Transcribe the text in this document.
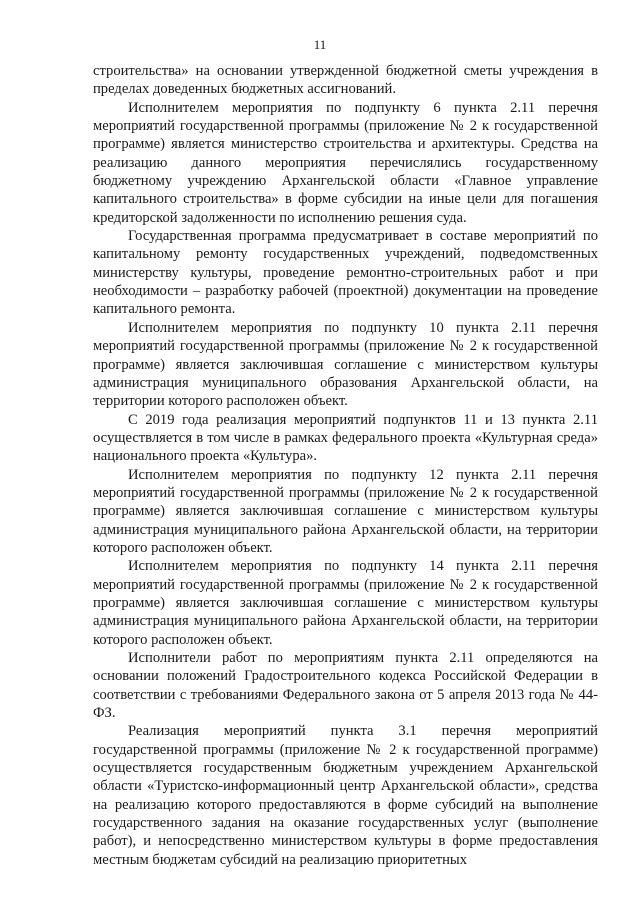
11

строительства» на основании утвержденной бюджетной сметы учреждения в пределах доведенных бюджетных ассигнований.

Исполнителем мероприятия по подпункту 6 пункта 2.11 перечня мероприятий государственной программы (приложение № 2 к государственной программе) является министерство строительства и архитектуры. Средства на реализацию данного мероприятия перечислялись государственному бюджетному учреждению Архангельской области «Главное управление капитального строительства» в форме субсидии на иные цели для погашения кредиторской задолженности по исполнению решения суда.

Государственная программа предусматривает в составе мероприятий по капитальному ремонту государственных учреждений, подведомственных министерству культуры, проведение ремонтно-строительных работ и при необходимости – разработку рабочей (проектной) документации на проведение капитального ремонта.

Исполнителем мероприятия по подпункту 10 пункта 2.11 перечня мероприятий государственной программы (приложение № 2 к государственной программе) является заключившая соглашение с министерством культуры администрация муниципального образования Архангельской области, на территории которого расположен объект.

С 2019 года реализация мероприятий подпунктов 11 и 13 пункта 2.11 осуществляется в том числе в рамках федерального проекта «Культурная среда» национального проекта «Культура».

Исполнителем мероприятия по подпункту 12 пункта 2.11 перечня мероприятий государственной программы (приложение № 2 к государственной программе) является заключившая соглашение с министерством культуры администрация муниципального района Архангельской области, на территории которого расположен объект.

Исполнителем мероприятия по подпункту 14 пункта 2.11 перечня мероприятий государственной программы (приложение № 2 к государственной программе) является заключившая соглашение с министерством культуры администрация муниципального района Архангельской области, на территории которого расположен объект.

Исполнители работ по мероприятиям пункта 2.11 определяются на основании положений Градостроительного кодекса Российской Федерации в соответствии с требованиями Федерального закона от 5 апреля 2013 года № 44-ФЗ.

Реализация мероприятий пункта 3.1 перечня мероприятий государственной программы (приложение № 2 к государственной программе) осуществляется государственным бюджетным учреждением Архангельской области «Туристско-информационный центр Архангельской области», средства на реализацию которого предоставляются в форме субсидий на выполнение государственного задания на оказание государственных услуг (выполнение работ), и непосредственно министерством культуры в форме предоставления местным бюджетам субсидий на реализацию приоритетных
